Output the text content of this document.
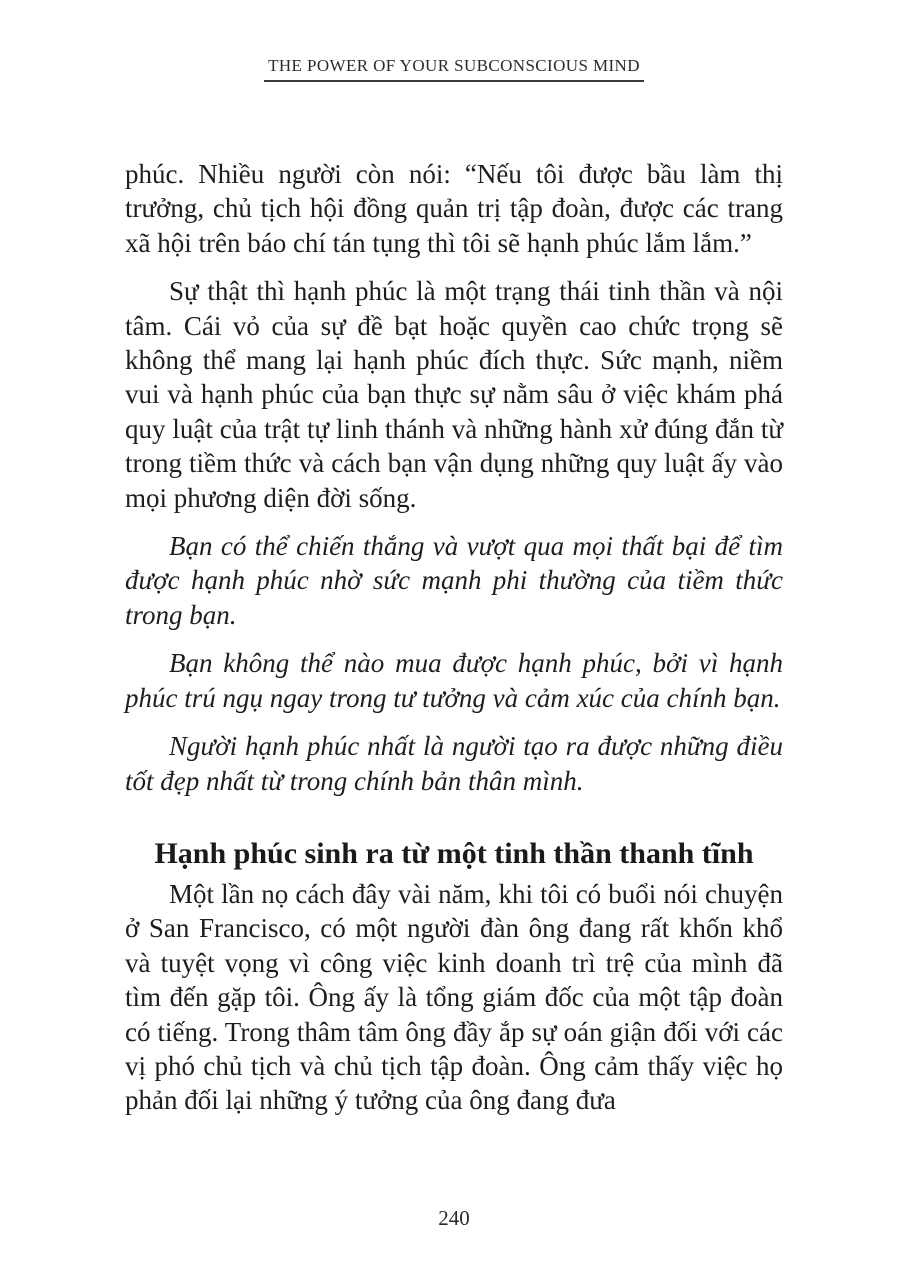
THE POWER OF YOUR SUBCONSCIOUS MIND

phúc. Nhiều người còn nói: “Nếu tôi được bầu làm thị trưởng, chủ tịch hội đồng quản trị tập đoàn, được các trang xã hội trên báo chí tán tụng thì tôi sẽ hạnh phúc lắm lắm.”

Sự thật thì hạnh phúc là một trạng thái tinh thần và nội tâm. Cái vỏ của sự đề bạt hoặc quyền cao chức trọng sẽ không thể mang lại hạnh phúc đích thực. Sức mạnh, niềm vui và hạnh phúc của bạn thực sự nằm sâu ở việc khám phá quy luật của trật tự linh thánh và những hành xử đúng đắn từ trong tiềm thức và cách bạn vận dụng những quy luật ấy vào mọi phương diện đời sống.

Bạn có thể chiến thắng và vượt qua mọi thất bại để tìm được hạnh phúc nhờ sức mạnh phi thường của tiềm thức trong bạn.

Bạn không thể nào mua được hạnh phúc, bởi vì hạnh phúc trú ngụ ngay trong tư tưởng và cảm xúc của chính bạn.

Người hạnh phúc nhất là người tạo ra được những điều tốt đẹp nhất từ trong chính bản thân mình.

Hạnh phúc sinh ra từ một tinh thần thanh tĩnh

Một lần nọ cách đây vài năm, khi tôi có buổi nói chuyện ở San Francisco, có một người đàn ông đang rất khốn khổ và tuyệt vọng vì công việc kinh doanh trì trệ của mình đã tìm đến gặp tôi. Ông ấy là tổng giám đốc của một tập đoàn có tiếng. Trong thâm tâm ông đầy ắp sự oán giận đối với các vị phó chủ tịch và chủ tịch tập đoàn. Ông cảm thấy việc họ phản đối lại những ý tưởng của ông đang đưa

240
